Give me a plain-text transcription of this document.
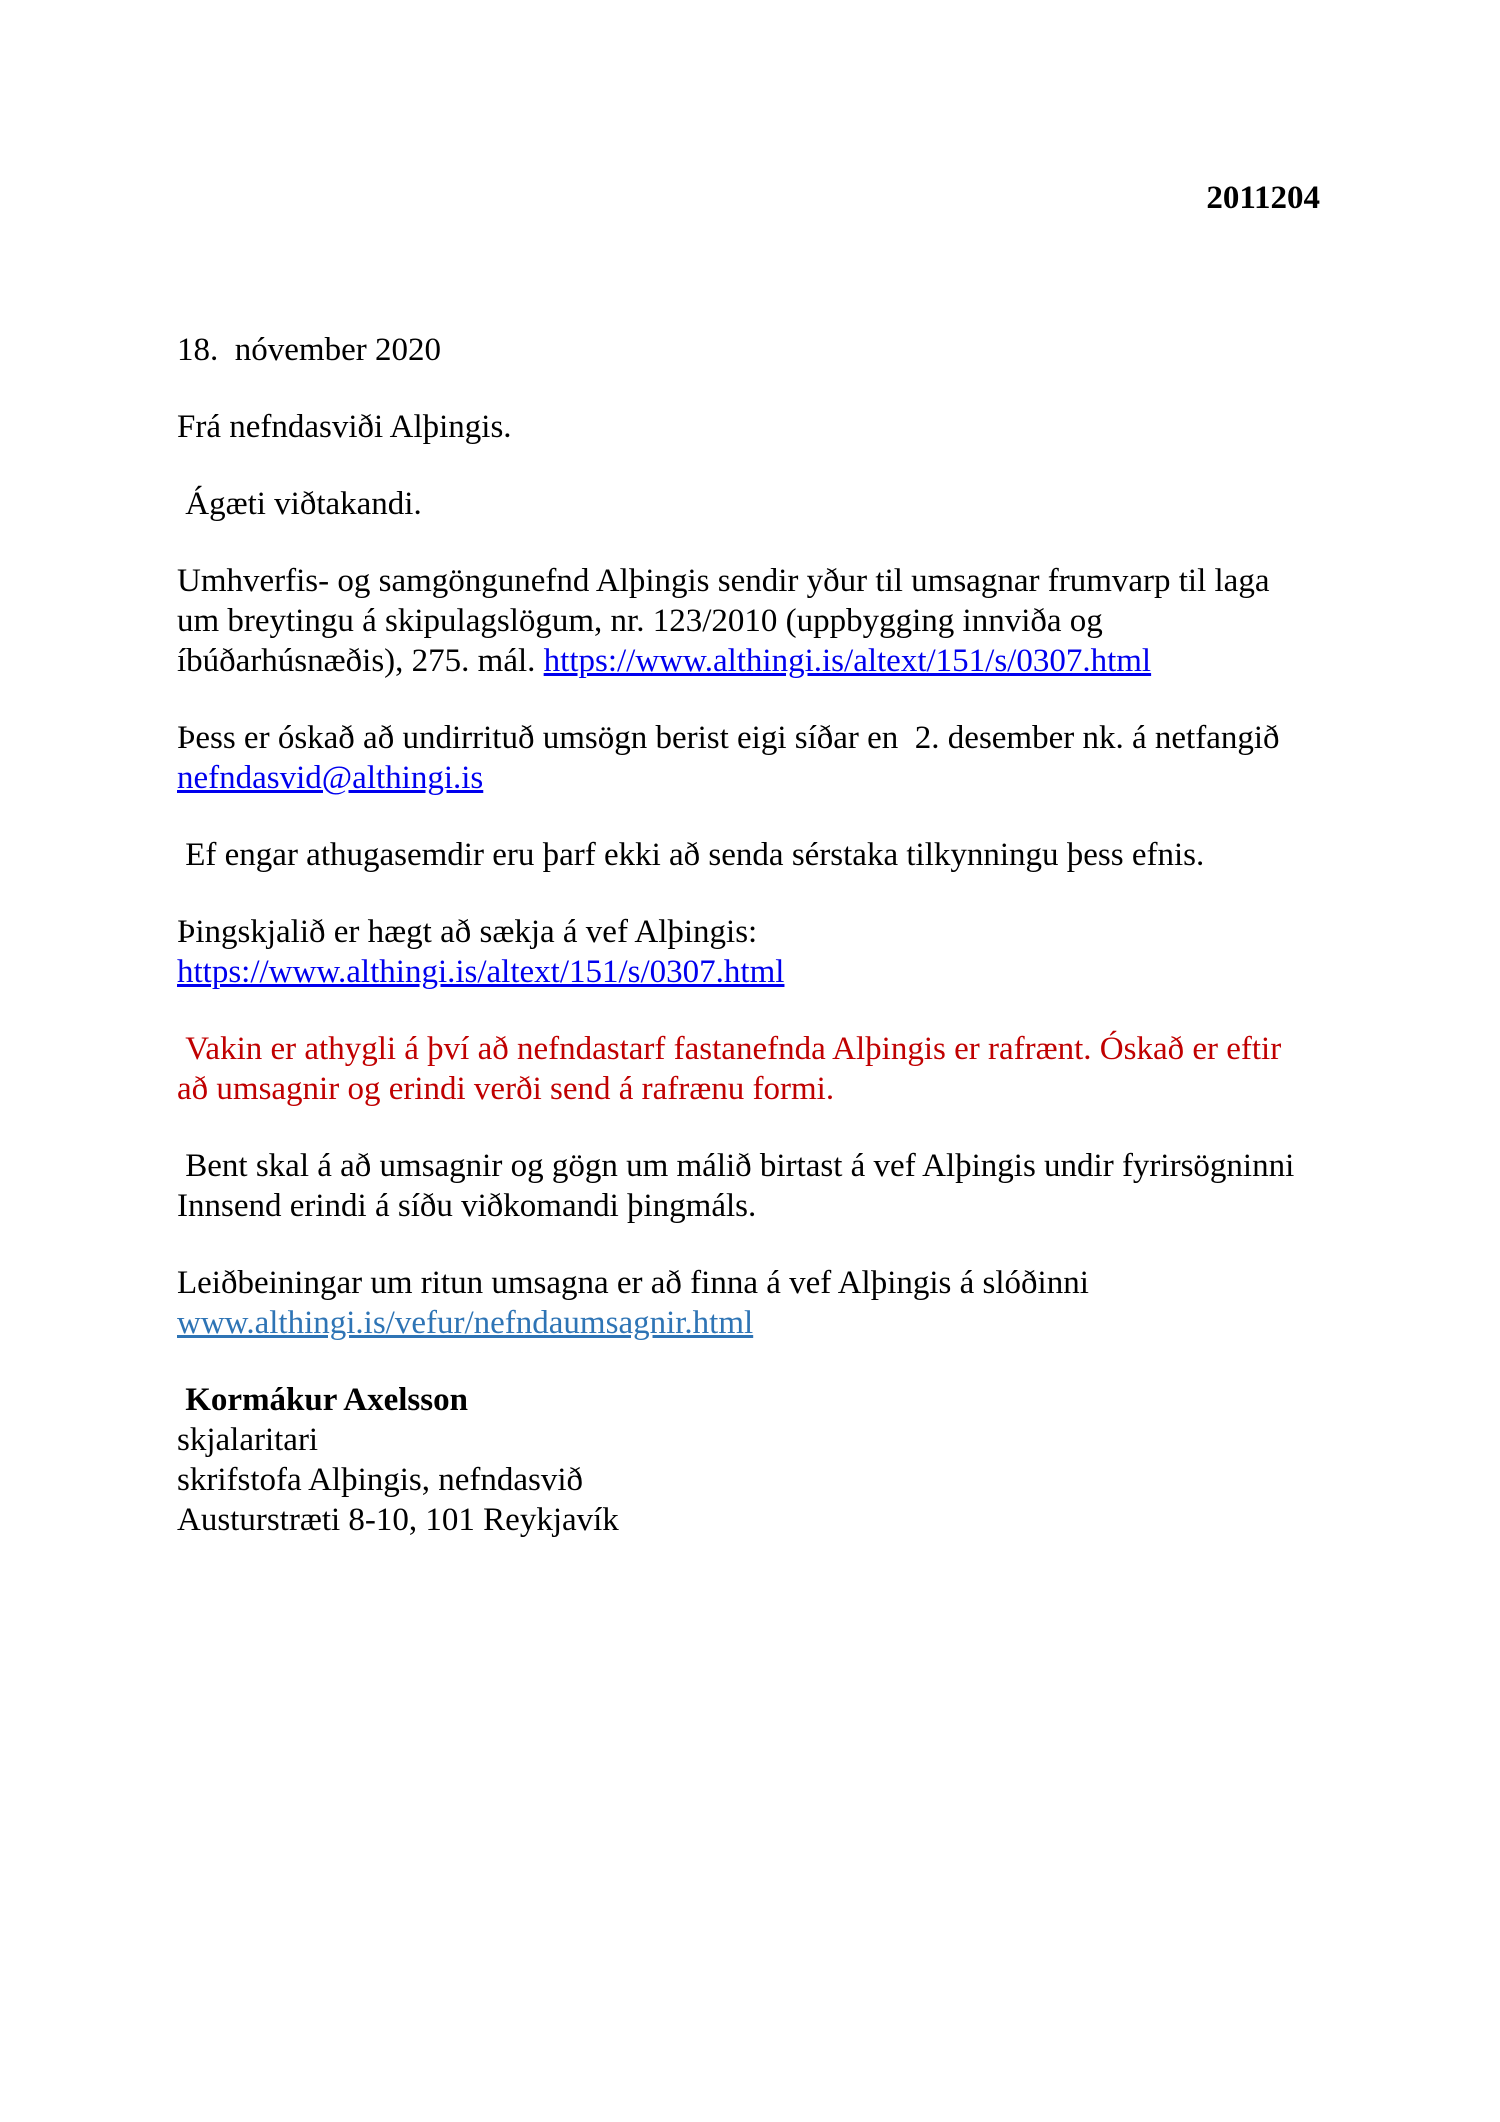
2011204

18.  nóvember 2020

Frá nefndasviði Alþingis.

Ágæti viðtakandi.

Umhverfis- og samgöngunefnd Alþingis sendir yður til umsagnar frumvarp til laga
um breytingu á skipulagslögum, nr. 123/2010 (uppbygging innviða og
íbúðarhúsnæðis), 275. mál. https://www.althingi.is/altext/151/s/0307.html

Þess er óskað að undirrituð umsögn berist eigi síðar en  2. desember nk. á netfangið
nefndasvid@althingi.is

Ef engar athugasemdir eru þarf ekki að senda sérstaka tilkynningu þess efnis.

Þingskjalið er hægt að sækja á vef Alþingis:
https://www.althingi.is/altext/151/s/0307.html

Vakin er athygli á því að nefndastarf fastanefnda Alþingis er rafrænt. Óskað er eftir
að umsagnir og erindi verði send á rafrænu formi.

Bent skal á að umsagnir og gögn um málið birtast á vef Alþingis undir fyrirsögninni
Innsend erindi á síðu viðkomandi þingmáls.

Leiðbeiningar um ritun umsagna er að finna á vef Alþingis á slóðinni
www.althingi.is/vefur/nefndaumsagnir.html

Kormákur Axelsson
skjalaritari
skrifstofa Alþingis, nefndasvið
Austurstræti 8-10, 101 Reykjavík
